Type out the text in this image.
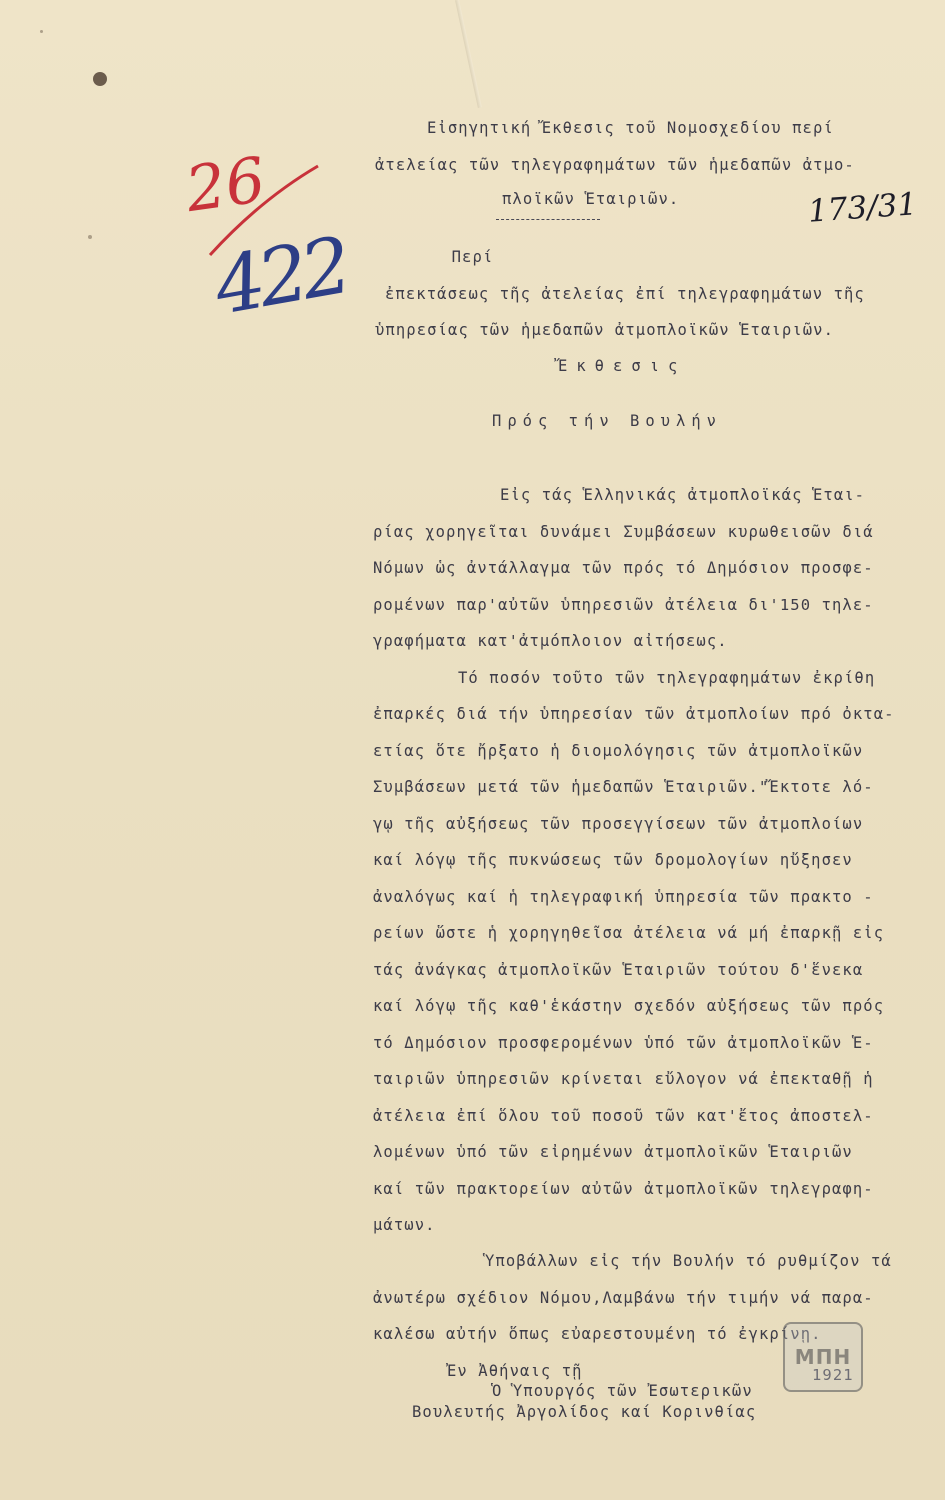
26
422
173/31
Εἰσηγητική Ἔκθεσις τοῦ Νομοσχεδίου περί
ἀτελείας τῶν τηλεγραφημάτων τῶν ἡμεδαπῶν ἀτμο-
πλοϊκῶν Ἑταιριῶν.
Περί
ἐπεκτάσεως τῆς ἀτελείας ἐπί τηλεγραφημάτων τῆς
ὑπηρεσίας τῶν ἡμεδαπῶν ἀτμοπλοϊκῶν Ἑταιριῶν.
Ἔκθεσις
Πρός τήν Βουλήν
Εἰς τάς Ἑλληνικάς ἀτμοπλοϊκάς Ἑται-
ρίας χορηγεῖται δυνάμει Συμβάσεων κυρωθεισῶν διά
Νόμων ὡς ἀντάλλαγμα τῶν πρός τό Δημόσιον προσφε-
ρομένων παρ'αὐτῶν ὑπηρεσιῶν ἀτέλεια δι'150 τηλε-
γραφήματα κατ'ἀτμόπλοιον αἰτήσεως.
Τό ποσόν τοῦτο τῶν τηλεγραφημάτων ἐκρίθη
ἐπαρκές διά τήν ὑπηρεσίαν τῶν ἀτμοπλοίων πρό ὀκτα-
ετίας ὅτε ἤρξατο ἡ διομολόγησις τῶν ἀτμοπλοϊκῶν
Συμβάσεων μετά τῶν ἡμεδαπῶν Ἑταιριῶν."Ἔκτοτε λό-
γῳ τῆς αὐξήσεως τῶν προσεγγίσεων τῶν ἀτμοπλοίων
καί λόγῳ τῆς πυκνώσεως τῶν δρομολογίων ηὔξησεν
ἀναλόγως καί ἡ τηλεγραφική ὑπηρεσία τῶν πρακτο -
ρείων ὥστε ἡ χορηγηθεῖσα ἀτέλεια νά μή ἐπαρκῇ εἰς
τάς ἀνάγκας ἀτμοπλοϊκῶν Ἑταιριῶν τούτου δ'ἕνεκα
καί λόγῳ τῆς καθ'ἑκάστην σχεδόν αὐξήσεως τῶν πρός
τό Δημόσιον προσφερομένων ὑπό τῶν ἀτμοπλοϊκῶν Ἑ-
ταιριῶν ὑπηρεσιῶν κρίνεται εὔλογον νά ἐπεκταθῇ ἡ
ἀτέλεια ἐπί ὅλου τοῦ ποσοῦ τῶν κατ'ἔτος ἀποστελ-
λομένων ὑπό τῶν εἰρημένων ἀτμοπλοϊκῶν Ἑταιριῶν
καί τῶν πρακτορείων αὐτῶν ἀτμοπλοϊκῶν τηλεγραφη-
μάτων.
Ὑποβάλλων εἰς τήν Βουλήν τό ρυθμίζον τά
ἀνωτέρω σχέδιον Νόμου,Λαμβάνω τήν τιμήν νά παρα-
καλέσω αὐτήν ὅπως εὐαρεστουμένη τό ἐγκρίνῃ.
Ἐν Ἀθήναις τῇ	1921
Ὁ Ὑπουργός τῶν Ἐσωτερικῶν
Βουλευτής Ἀργολίδος καί Κορινθίας
ΜΠΗ
